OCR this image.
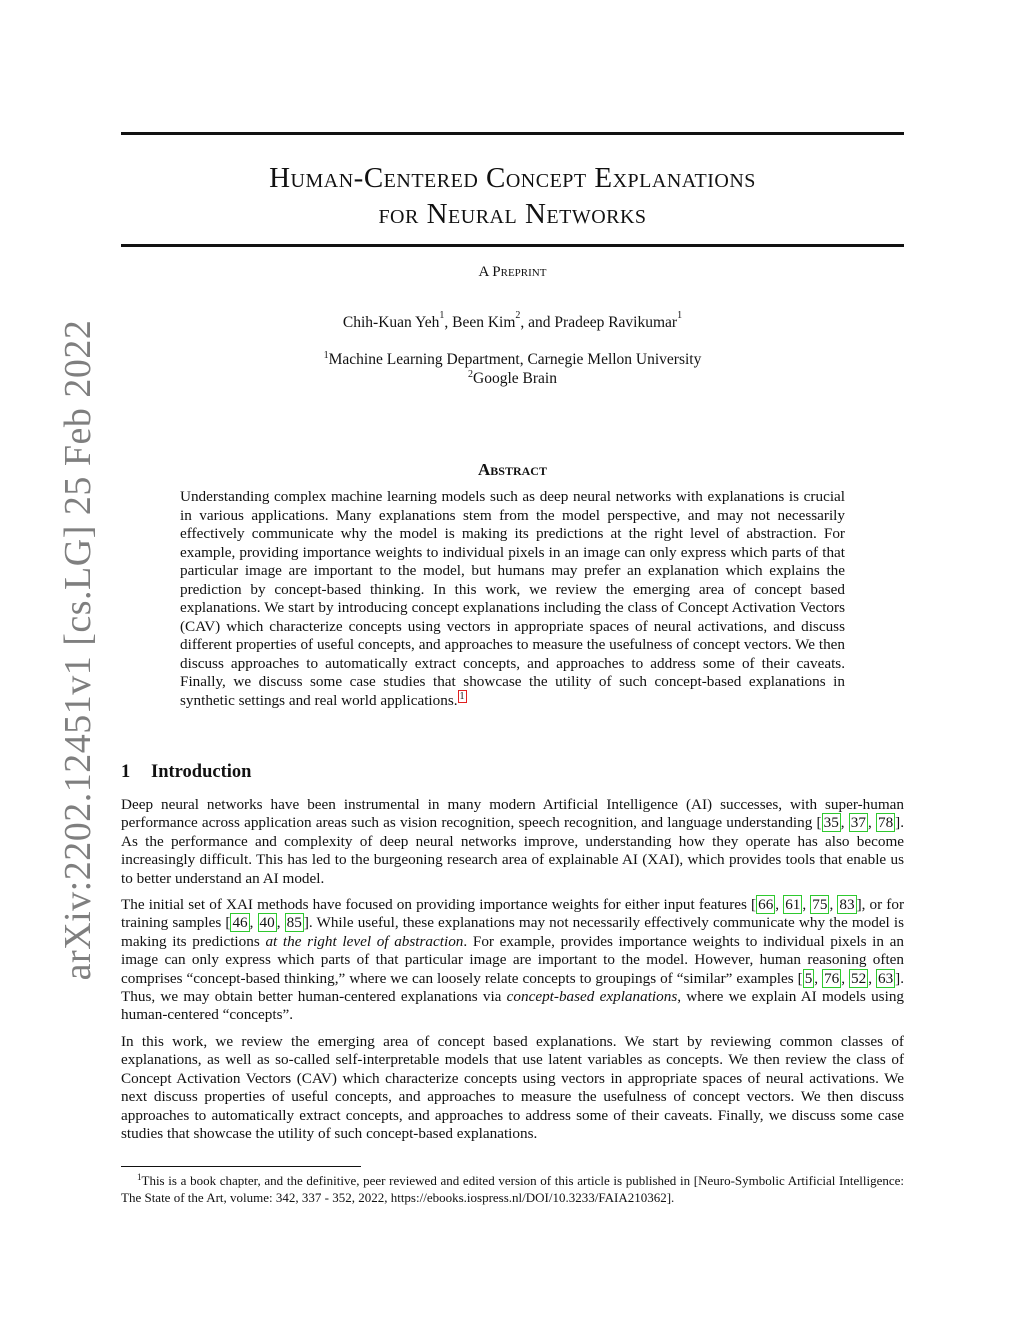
arXiv:2202.12451v1 [cs.LG] 25 Feb 2022
Human-Centered Concept Explanations
for Neural Networks
A Preprint
Chih-Kuan Yeh$^1$, Been Kim$^2$, and Pradeep Ravikumar$^1$
$^1$Machine Learning Department, Carnegie Mellon University
$^2$Google Brain
Abstract
Understanding complex machine learning models such as deep neural networks with explanations is crucial in various applications. Many explanations stem from the model perspective, and may not necessarily effectively communicate why the model is making its predictions at the right level of abstraction. For example, providing importance weights to individual pixels in an image can only express which parts of that particular image are important to the model, but humans may prefer an explanation which explains the prediction by concept-based thinking. In this work, we review the emerging area of concept based explanations. We start by introducing concept explanations including the class of Concept Activation Vectors (CAV) which characterize concepts using vectors in appropriate spaces of neural activations, and discuss different properties of useful concepts, and approaches to measure the usefulness of concept vectors. We then discuss approaches to automatically extract concepts, and approaches to address some of their caveats. Finally, we discuss some case studies that showcase the utility of such concept-based explanations in synthetic settings and real world applications. $^1$
1 Introduction

Deep neural networks have been instrumental in many modern Artificial Intelligence (AI) successes, with super-human performance across application areas such as vision recognition, speech recognition, and language understanding [ 35 , 37 , 78 ]. As the performance and complexity of deep neural networks improve, understanding how they operate has also become increasingly difficult. This has led to the burgeoning research area of explainable AI (XAI), which provides tools that enable us to better understand an AI model.

The initial set of XAI methods have focused on providing importance weights for either input features [ 66 , 61 , 75 , 83 ], or for training samples [ 46 , 40 , 85 ]. While useful, these explanations may not necessarily effectively communicate why the model is making its predictions at the right level of abstraction. For example, provides importance weights to individual pixels in an image can only express which parts of that particular image are important to the model. However, human reasoning often comprises “concept-based thinking,” where we can loosely relate concepts to groupings of “similar” examples [ 5 , 76 , 52 , 63 ]. Thus, we may obtain better human-centered explanations via concept-based explanations, where we explain AI models using human-centered “concepts”.

In this work, we review the emerging area of concept based explanations. We start by reviewing common classes of explanations, as well as so-called self-interpretable models that use latent variables as concepts. We then review the class of Concept Activation Vectors (CAV) which characterize concepts using vectors in appropriate spaces of neural activations. We next discuss properties of useful concepts, and approaches to measure the usefulness of concept vectors. We then discuss approaches to automatically extract concepts, and approaches to address some of their caveats. Finally, we discuss some case studies that showcase the utility of such concept-based explanations.

$^1$This is a book chapter, and the definitive, peer reviewed and edited version of this article is published in [Neuro-Symbolic Artificial Intelligence: The State of the Art, volume: 342, 337 - 352, 2022, https://ebooks.iospress.nl/DOI/10.3233/FAIA210362].
